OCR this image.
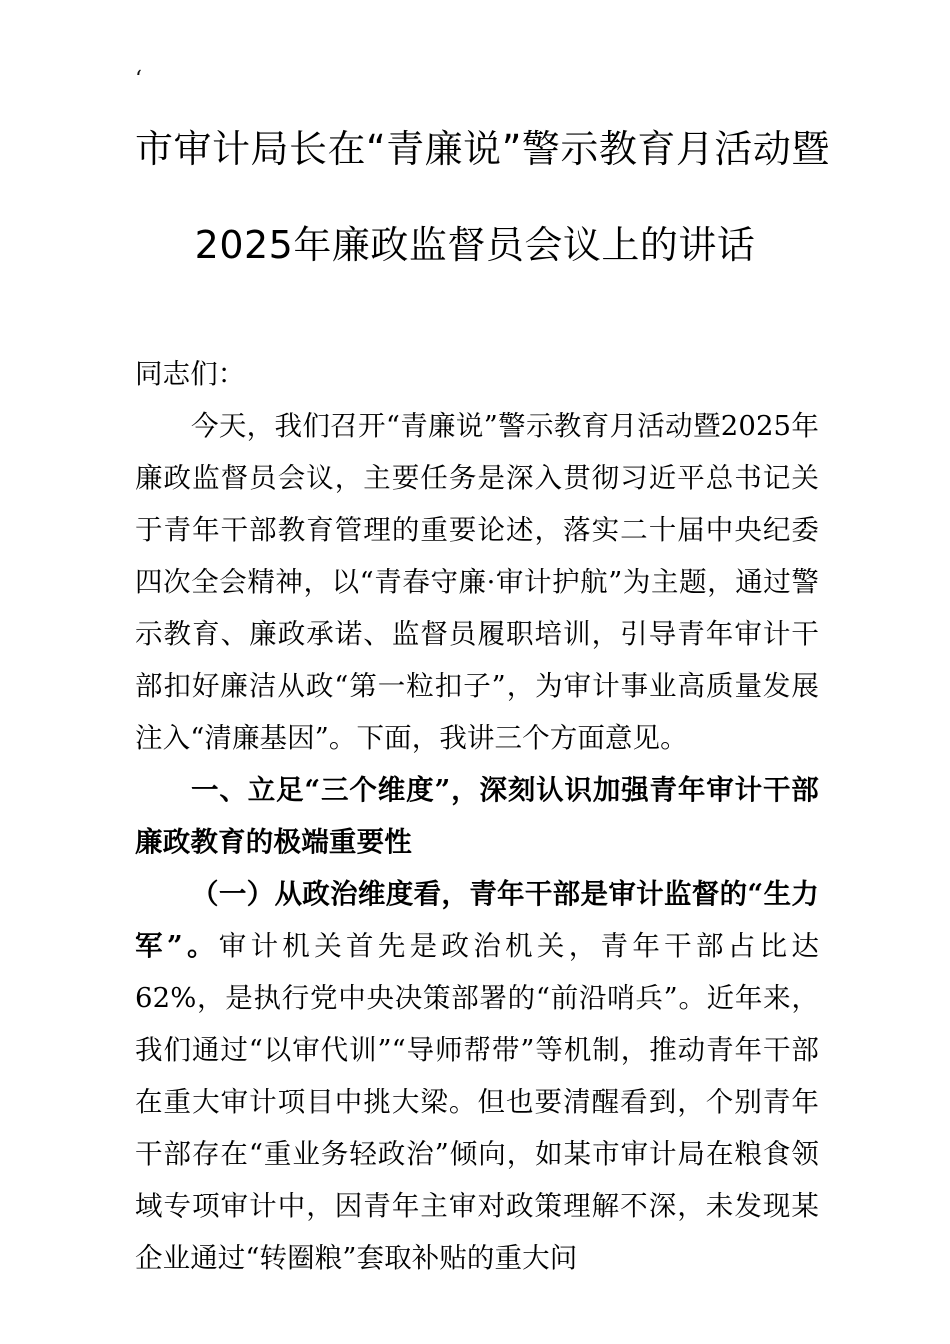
‘
市审计局长在“青廉说”警示教育月活动暨
2025年廉政监督员会议上的讲话

同志们：

今天，我们召开“青廉说”警示教育月活动暨2025年廉政监督员会议，主要任务是深入贯彻习近平总书记关于青年干部教育管理的重要论述，落实二十届中央纪委四次全会精神，以“青春守廉·审计护航”为主题，通过警示教育、廉政承诺、监督员履职培训，引导青年审计干部扣好廉洁从政“第一粒扣子”，为审计事业高质量发展注入“清廉基因”。下面，我讲三个方面意见。

一、立足“三个维度”，深刻认识加强青年审计干部廉政教育的极端重要性

（一）从政治维度看，青年干部是审计监督的“生力军”。审计机关首先是政治机关，青年干部占比达62%，是执行党中央决策部署的“前沿哨兵”。近年来，我们通过“以审代训”“导师帮带”等机制，推动青年干部在重大审计项目中挑大梁。但也要清醒看到，个别青年干部存在“重业务轻政治”倾向，如某市审计局在粮食领域专项审计中，因青年主审对政策理解不深，未发现某企业通过“转圈粮”套取补贴的重大问
